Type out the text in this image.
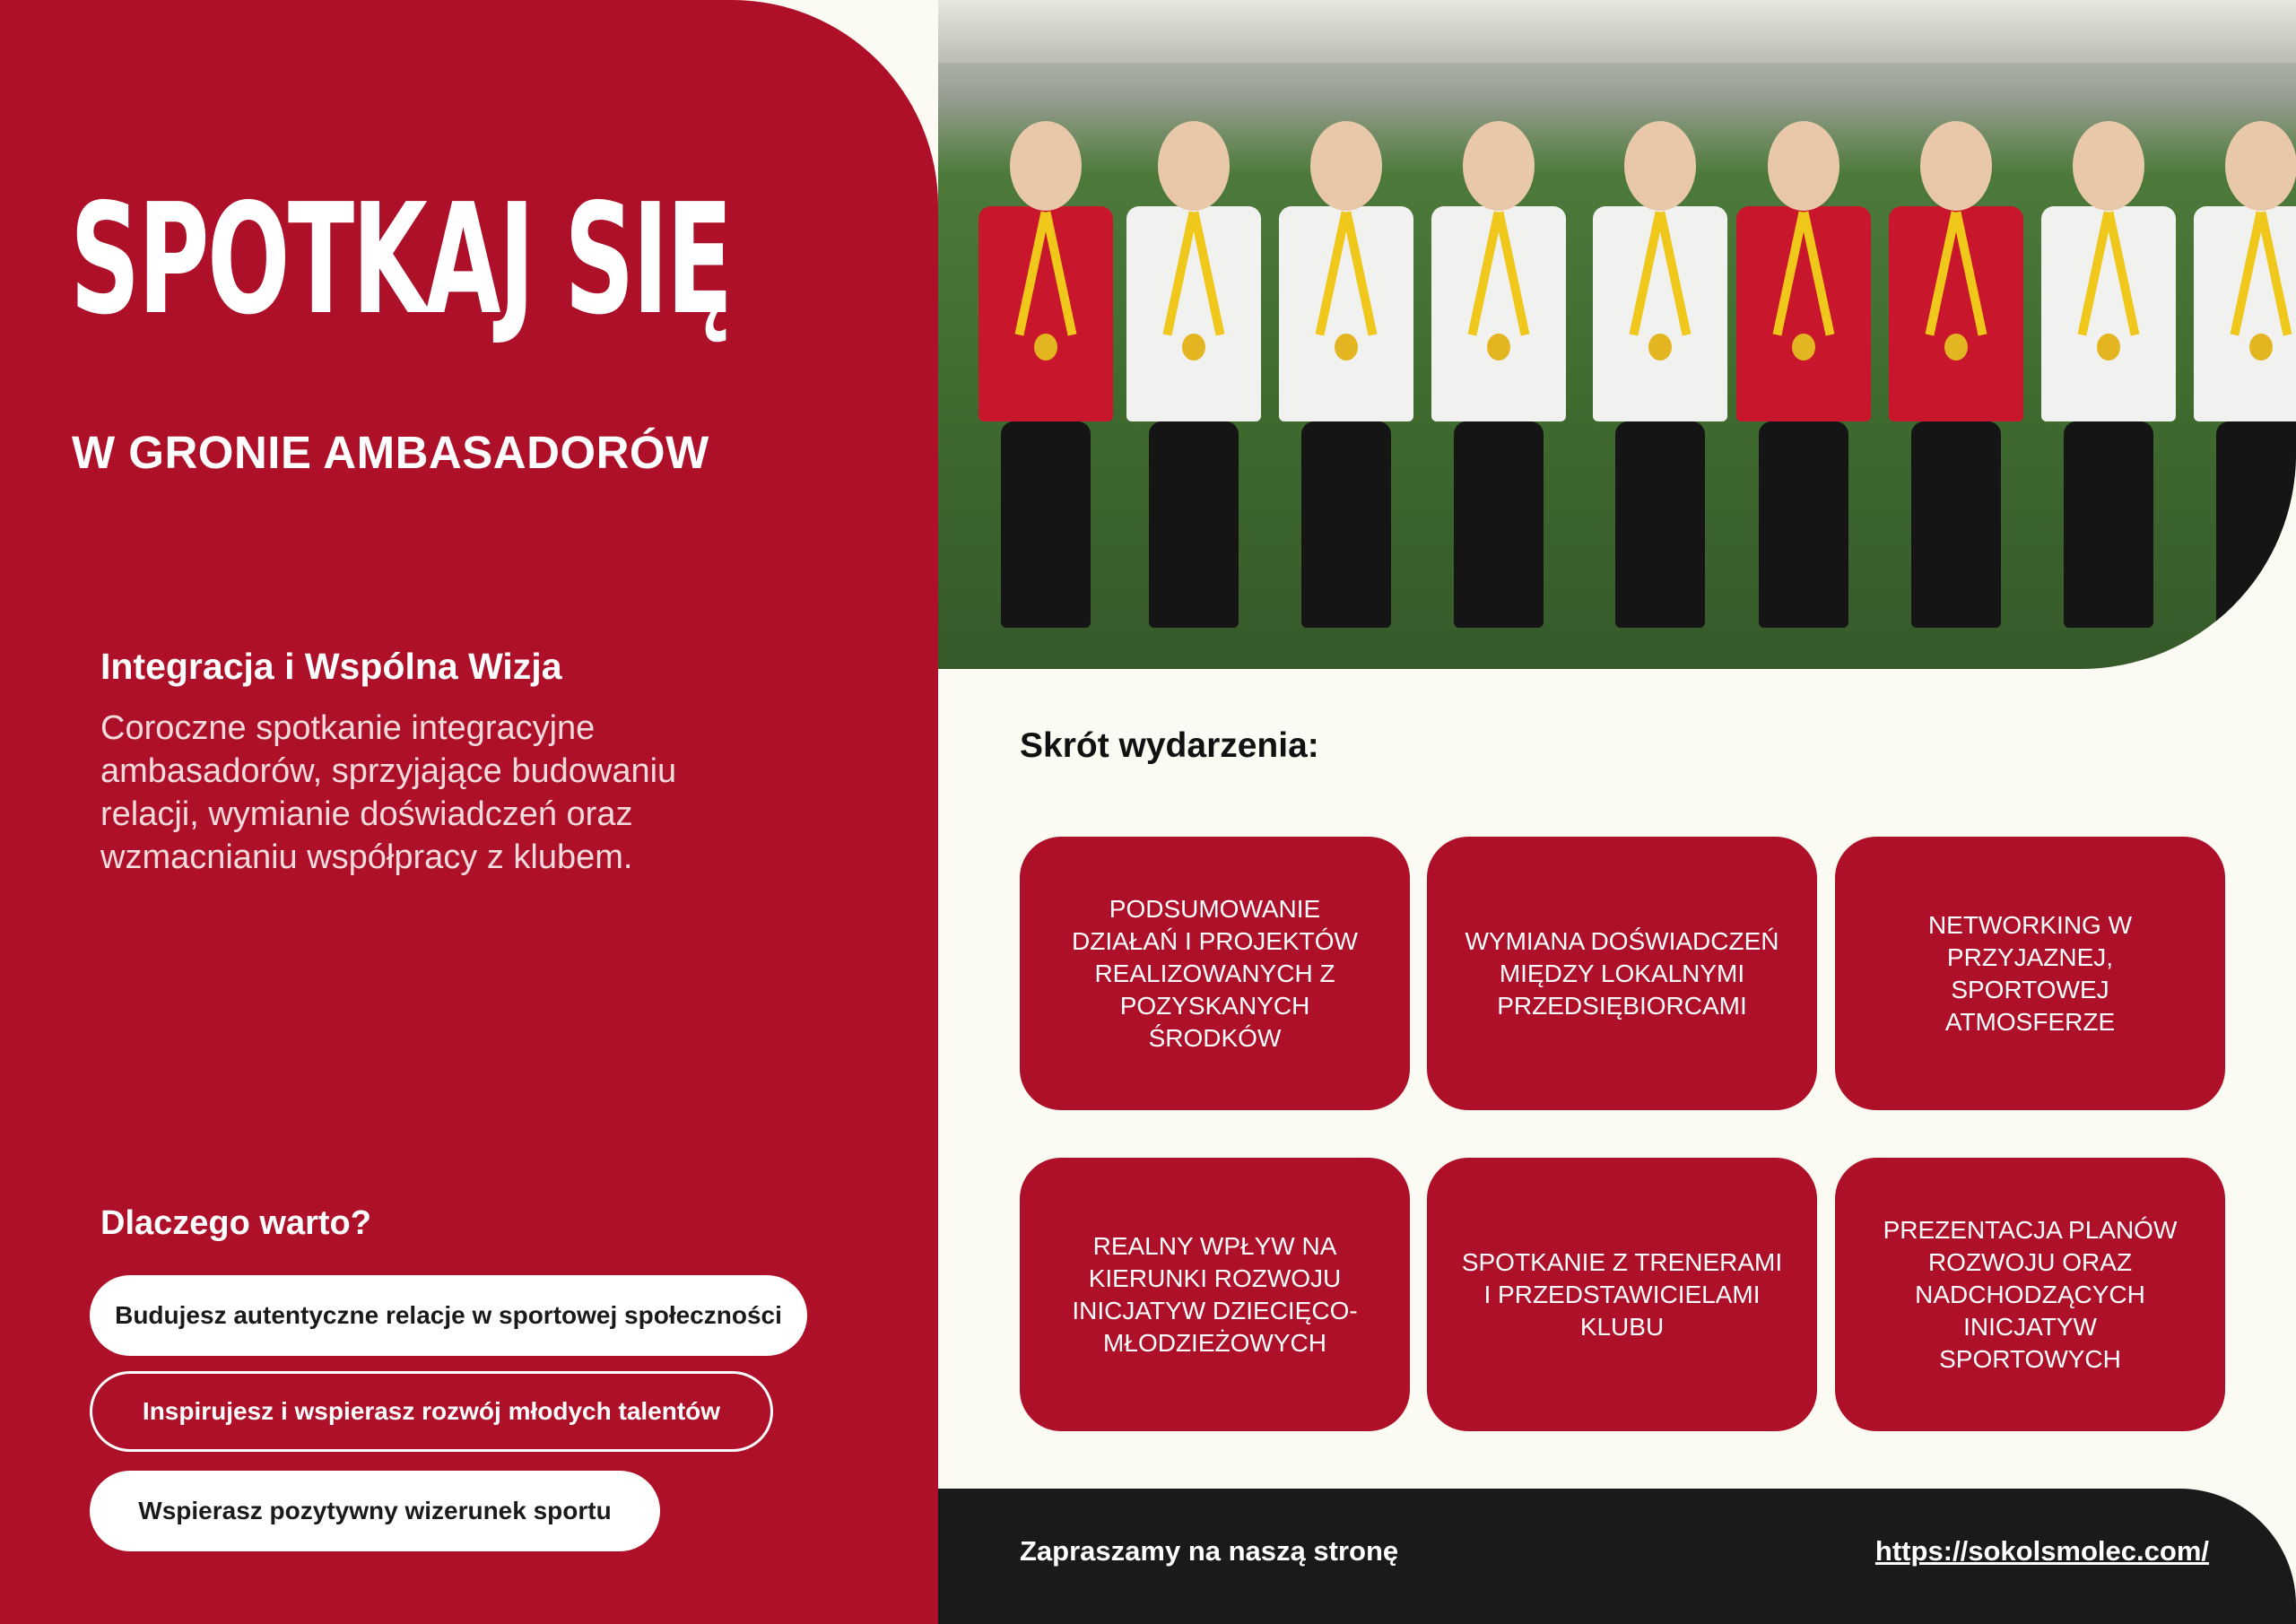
SPOTKAJ SIĘ
W GRONIE AMBASADORÓW
Integracja i Wspólna Wizja

Coroczne spotkanie integracyjne ambasadorów, sprzyjające budowaniu relacji, wymianie doświadczeń oraz wzmacnianiu współpracy z klubem.

Dlaczego warto?
Budujesz autentyczne relacje w sportowej społeczności
Inspirujesz i wspierasz rozwój młodych talentów
Wspierasz pozytywny wizerunek sportu
Skrót wydarzenia:
PODSUMOWANIE DZIAŁAŃ I PROJEKTÓW REALIZOWANYCH Z POZYSKANYCH ŚRODKÓW
WYMIANA DOŚWIADCZEŃ MIĘDZY LOKALNYMI PRZEDSIĘBIORCAMI
NETWORKING W PRZYJAZNEJ, SPORTOWEJ ATMOSFERZE
REALNY WPŁYW NA KIERUNKI ROZWOJU INICJATYW DZIECIĘCO-MŁODZIEŻOWYCH
SPOTKANIE Z TRENERAMI I PRZEDSTAWICIELAMI KLUBU
PREZENTACJA PLANÓW ROZWOJU ORAZ NADCHODZĄCYCH INICJATYW SPORTOWYCH

Zapraszamy na naszą stronę	https://sokolsmolec.com/
